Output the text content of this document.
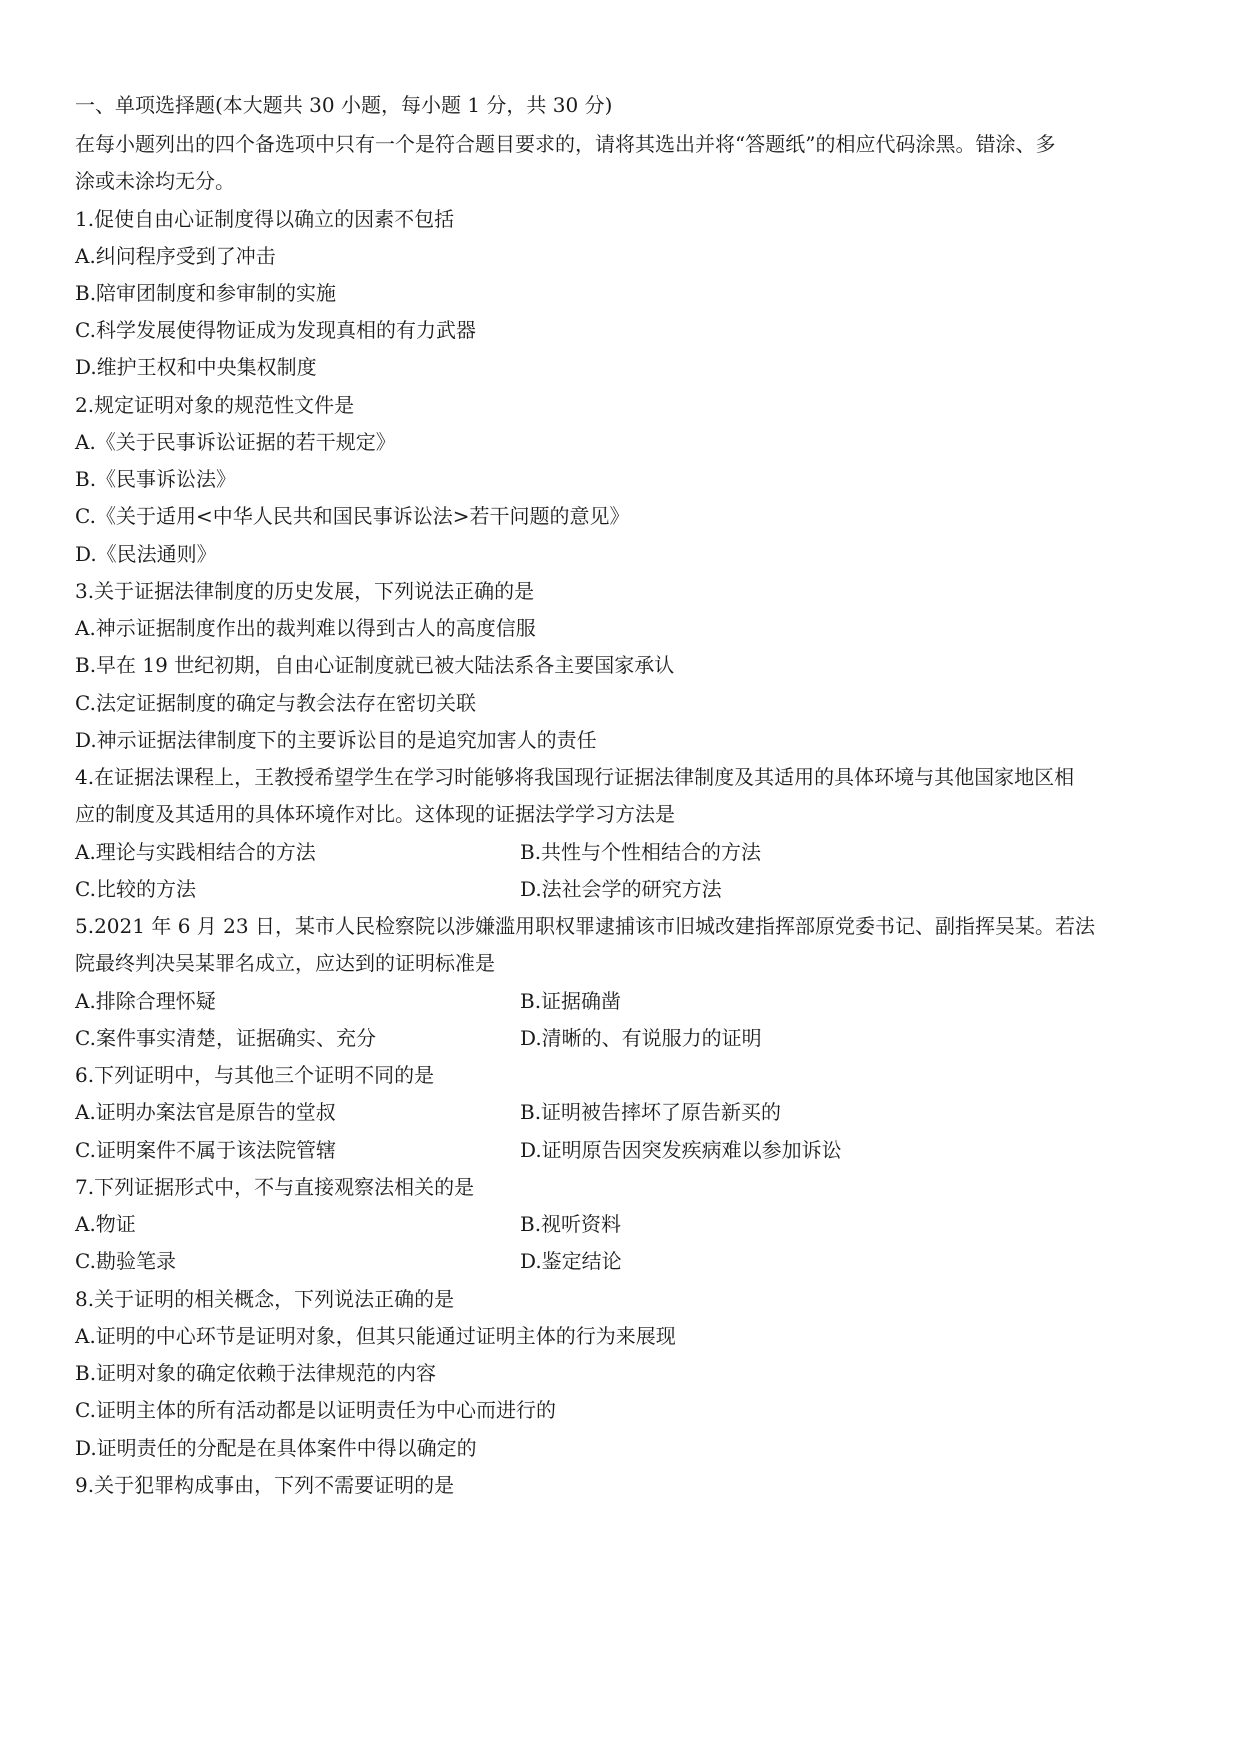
一、单项选择题(本大题共 30 小题，每小题 1 分，共 30 分)
在每小题列出的四个备选项中只有一个是符合题目要求的，请将其选出并将“答题纸”的相应代码涂黑。错涂、多
涂或未涂均无分。
1.促使自由心证制度得以确立的因素不包括
A.纠问程序受到了冲击
B.陪审团制度和参审制的实施
C.科学发展使得物证成为发现真相的有力武器
D.维护王权和中央集权制度
2.规定证明对象的规范性文件是
A.《关于民事诉讼证据的若干规定》
B.《民事诉讼法》
C.《关于适用<中华人民共和国民事诉讼法>若干问题的意见》
D.《民法通则》
3.关于证据法律制度的历史发展，下列说法正确的是
A.神示证据制度作出的裁判难以得到古人的高度信服
B.早在 19 世纪初期，自由心证制度就已被大陆法系各主要国家承认
C.法定证据制度的确定与教会法存在密切关联
D.神示证据法律制度下的主要诉讼目的是追究加害人的责任
4.在证据法课程上，王教授希望学生在学习时能够将我国现行证据法律制度及其适用的具体环境与其他国家地区相
应的制度及其适用的具体环境作对比。这体现的证据法学学习方法是
A.理论与实践相结合的方法	B.共性与个性相结合的方法
C.比较的方法	D.法社会学的研究方法
5.2021 年 6 月 23 日，某市人民检察院以涉嫌滥用职权罪逮捕该市旧城改建指挥部原党委书记、副指挥吴某。若法
院最终判决吴某罪名成立，应达到的证明标准是
A.排除合理怀疑	B.证据确凿
C.案件事实清楚，证据确实、充分	D.清晰的、有说服力的证明
6.下列证明中，与其他三个证明不同的是
A.证明办案法官是原告的堂叔	B.证明被告摔坏了原告新买的
C.证明案件不属于该法院管辖	D.证明原告因突发疾病难以参加诉讼
7.下列证据形式中，不与直接观察法相关的是
A.物证	B.视听资料
C.勘验笔录	D.鉴定结论
8.关于证明的相关概念，下列说法正确的是
A.证明的中心环节是证明对象，但其只能通过证明主体的行为来展现
B.证明对象的确定依赖于法律规范的内容
C.证明主体的所有活动都是以证明责任为中心而进行的
D.证明责任的分配是在具体案件中得以确定的
9.关于犯罪构成事由，下列不需要证明的是
